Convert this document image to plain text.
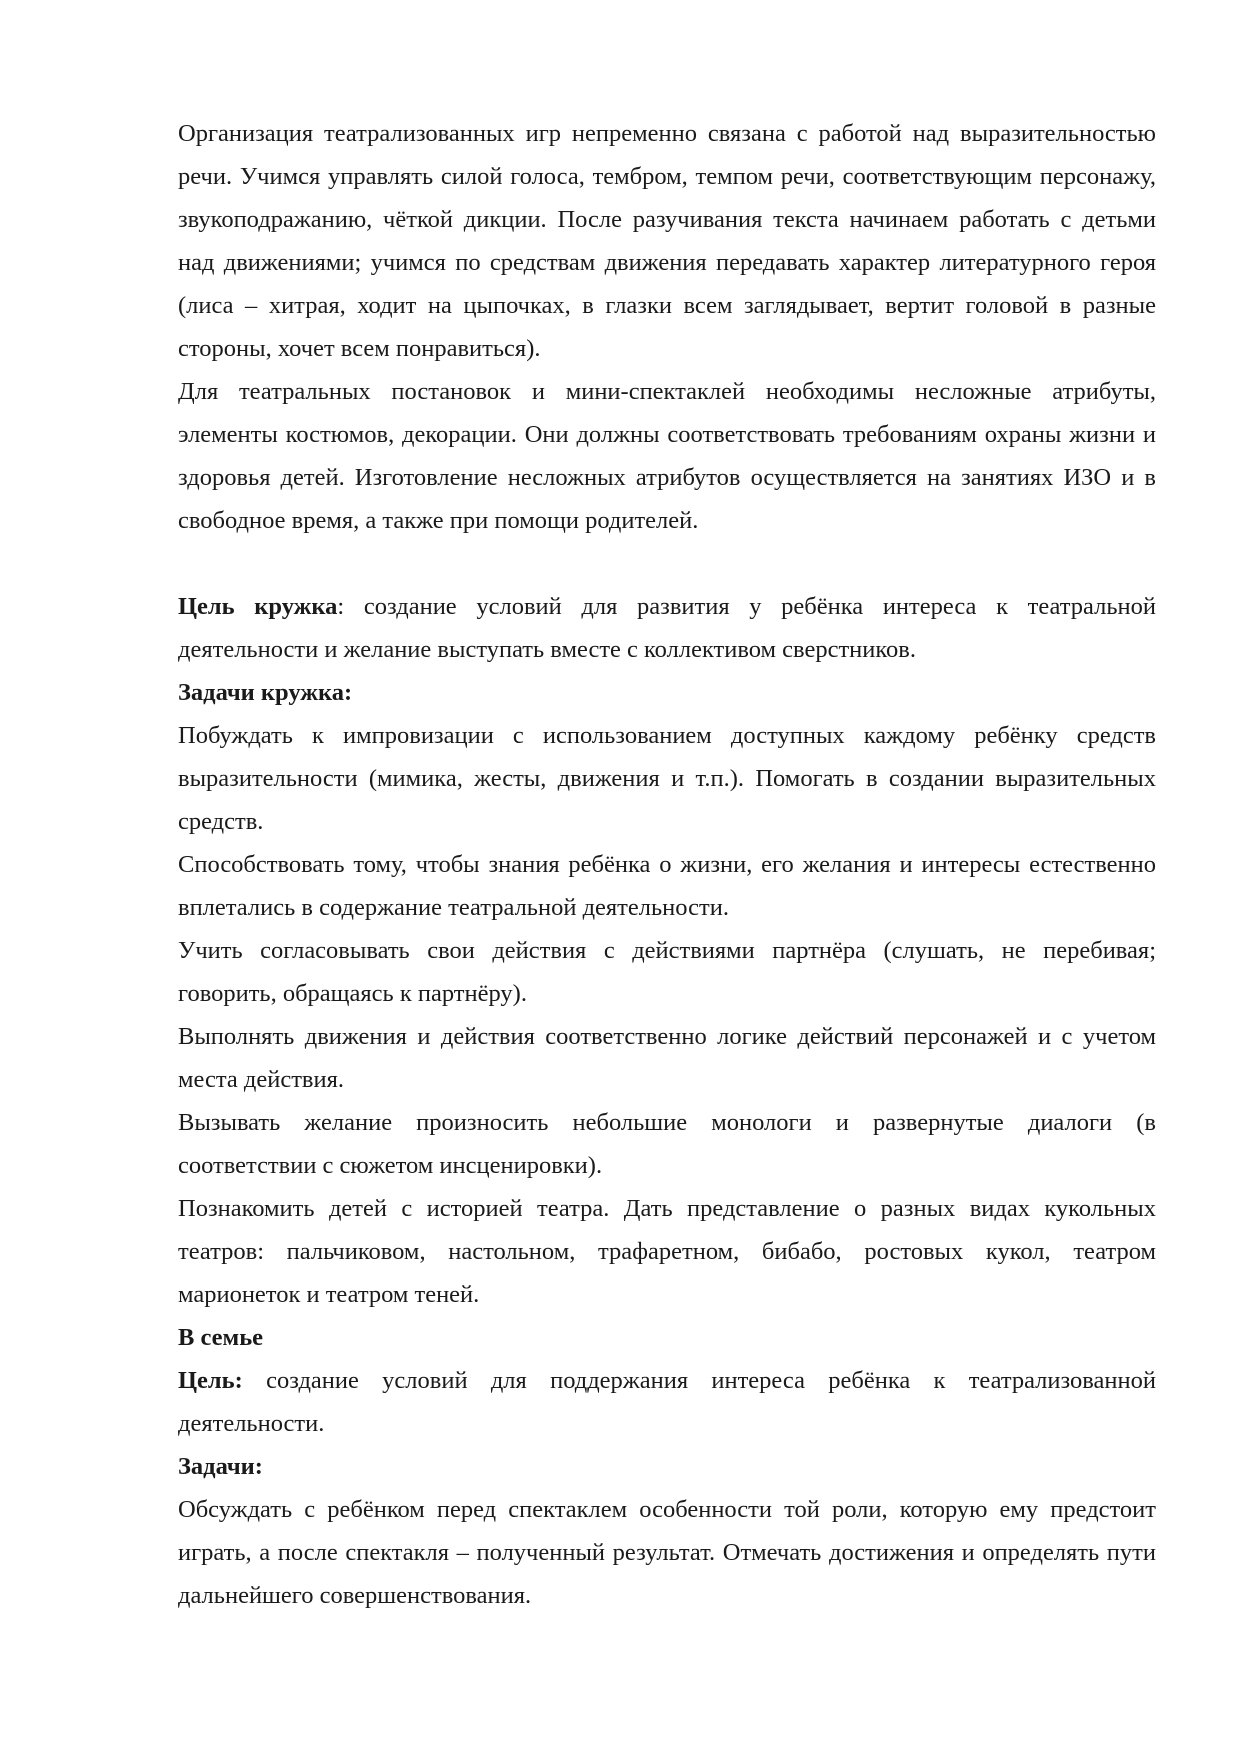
Организация театрализованных игр непременно связана с работой над выразительностью речи. Учимся управлять силой голоса, тембром, темпом речи, соответствующим персонажу, звукоподражанию, чёткой дикции. После разучивания текста начинаем работать с детьми над движениями; учимся по средствам движения передавать характер литературного героя (лиса – хитрая, ходит на цыпочках, в глазки всем заглядывает, вертит головой в разные стороны, хочет всем понравиться).

Для театральных постановок и мини-спектаклей необходимы несложные атрибуты, элементы костюмов, декорации. Они должны соответствовать требованиям охраны жизни и здоровья детей. Изготовление несложных атрибутов осуществляется на занятиях ИЗО и в свободное время, а также при помощи родителей.

Цель кружка: создание условий для развития у ребёнка интереса к театральной деятельности и желание выступать вместе с коллективом сверстников.

Задачи кружка:

Побуждать к импровизации с использованием доступных каждому ребёнку средств выразительности (мимика, жесты, движения и т.п.). Помогать в создании выразительных средств.

Способствовать тому, чтобы знания ребёнка о жизни, его желания и интересы естественно вплетались в содержание театральной деятельности.

Учить согласовывать свои действия с действиями партнёра (слушать, не перебивая; говорить, обращаясь к партнёру).

Выполнять движения и действия соответственно логике действий персонажей и с учетом места действия.

Вызывать желание произносить небольшие монологи и развернутые диалоги (в соответствии с сюжетом инсценировки).

Познакомить детей с историей театра. Дать представление о разных видах кукольных театров: пальчиковом, настольном, трафаретном, бибабо, ростовых кукол, театром марионеток и театром теней.

В семье

Цель: создание условий для поддержания интереса ребёнка к театрализованной деятельности.

Задачи:

Обсуждать с ребёнком перед спектаклем особенности той роли, которую ему предстоит играть, а после спектакля – полученный результат. Отмечать достижения и определять пути дальнейшего совершенствования.
